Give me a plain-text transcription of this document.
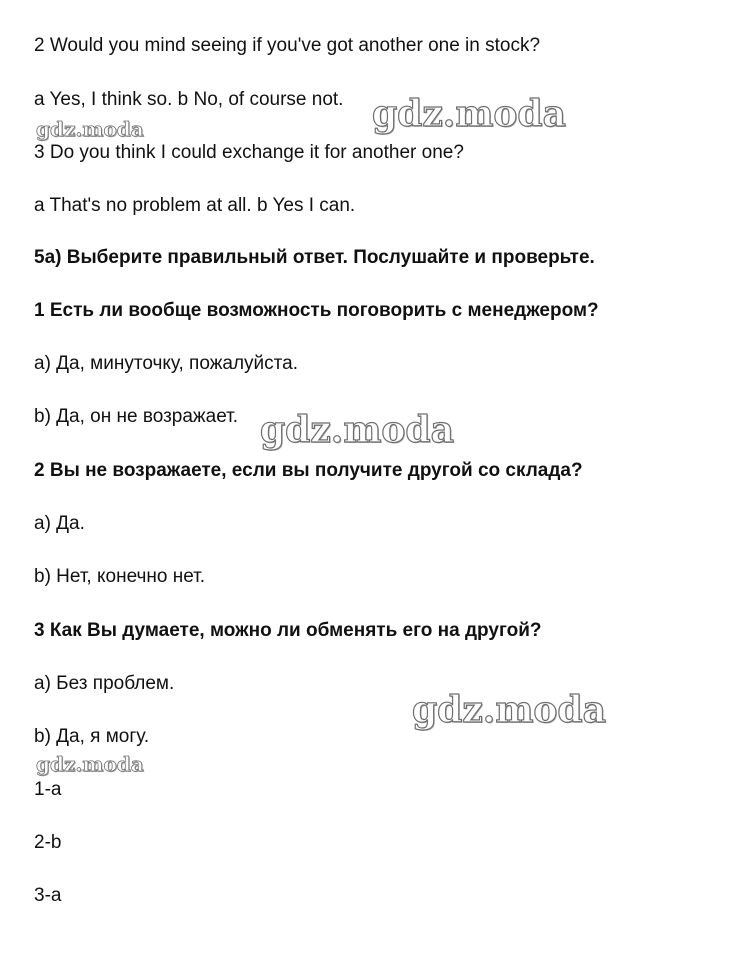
2 Would you mind seeing if you've got another one in stock?
a Yes, I think so. b No, of course not.
3 Do you think I could exchange it for another one?
a That's no problem at all. b Yes I can.
5a) Выберите правильный ответ. Послушайте и проверьте.
1 Есть ли вообще возможность поговорить с менеджером?
a) Да, минуточку, пожалуйста.
b) Да, он не возражает.
2 Вы не возражаете, если вы получите другой со склада?
a) Да.
b) Нет, конечно нет.
3 Как Вы думаете, можно ли обменять его на другой?
a) Без проблем.
b) Да, я могу.
1-a
2-b
3-a
gdz.moda
gdz.moda
gdz.moda
gdz.moda
gdz.moda
